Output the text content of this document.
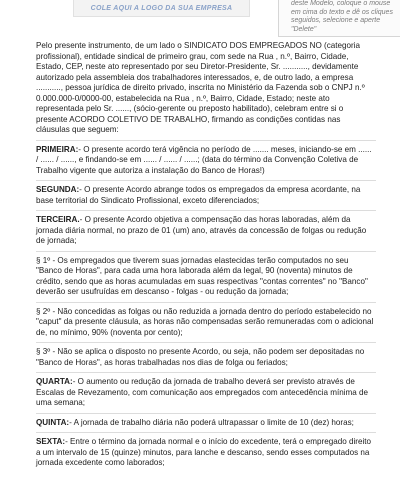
COLE AQUI A LOGO DA SUA EMPRESA
deste Modelo, coloque o mouse em cima do texto e dê os cliques seguidos, selecione e aperte "Delete"

Pelo presente instrumento, de um lado o SINDICATO DOS EMPREGADOS NO (categoria profissional), entidade sindical de primeiro grau, com sede na Rua , n.º, Bairro, Cidade, Estado, CEP, neste ato representado por seu Diretor-Presidente, Sr. ..........., devidamente autorizado pela assembleia dos trabalhadores interessados, e, de outro lado, a empresa ..........., pessoa jurídica de direito privado, inscrita no Ministério da Fazenda sob o CNPJ n.º 0.000.000-0/0000-00, estabelecida na Rua , n.º, Bairro, Cidade, Estado; neste ato representada pelo Sr. ......, (sócio-gerente ou preposto habilitado), celebram entre si o presente ACORDO COLETIVO DE TRABALHO, firmando as condições contidas nas cláusulas que seguem:

PRIMEIRA:- O presente acordo terá vigência no período de ....... meses, iniciando-se em ...... / ...... / ......, e findando-se em ...... / ...... / ......; (data do término da Convenção Coletiva de Trabalho vigente que autoriza a instalação do Banco de Horas!)

SEGUNDA:- O presente Acordo abrange todos os empregados da empresa acordante, na base territorial do Sindicato Profissional, exceto diferenciados;

TERCEIRA.- O presente Acordo objetiva a compensação das horas laboradas, além da jornada diária normal, no prazo de 01 (um) ano, através da concessão de folgas ou redução de jornada;

§ 1º - Os empregados que tiverem suas jornadas elastecidas terão computados no seu "Banco de Horas", para cada uma hora laborada além da legal, 90 (noventa) minutos de crédito, sendo que as horas acumuladas em suas respectivas "contas correntes" no "Banco" deverão ser usufruídas em descanso - folgas - ou redução da jornada;

§ 2º - Não concedidas as folgas ou não reduzida a jornada dentro do período estabelecido no "caput" da presente cláusula, as horas não compensadas serão remuneradas com o adicional de, no mínimo, 90% (noventa por cento);

§ 3º - Não se aplica o disposto no presente Acordo, ou seja, não podem ser depositadas no "Banco de Horas", as horas trabalhadas nos dias de folga ou feriados;

QUARTA:- O aumento ou redução da jornada de trabalho deverá ser previsto através de Escalas de Revezamento, com comunicação aos empregados com antecedência mínima de uma semana;

QUINTA:- A jornada de trabalho diária não poderá ultrapassar o limite de 10 (dez) horas;

SEXTA:- Entre o término da jornada normal e o início do excedente, terá o empregado direito a um intervalo de 15 (quinze) minutos, para lanche e descanso, sendo esses computados na jornada excedente como laborados;
